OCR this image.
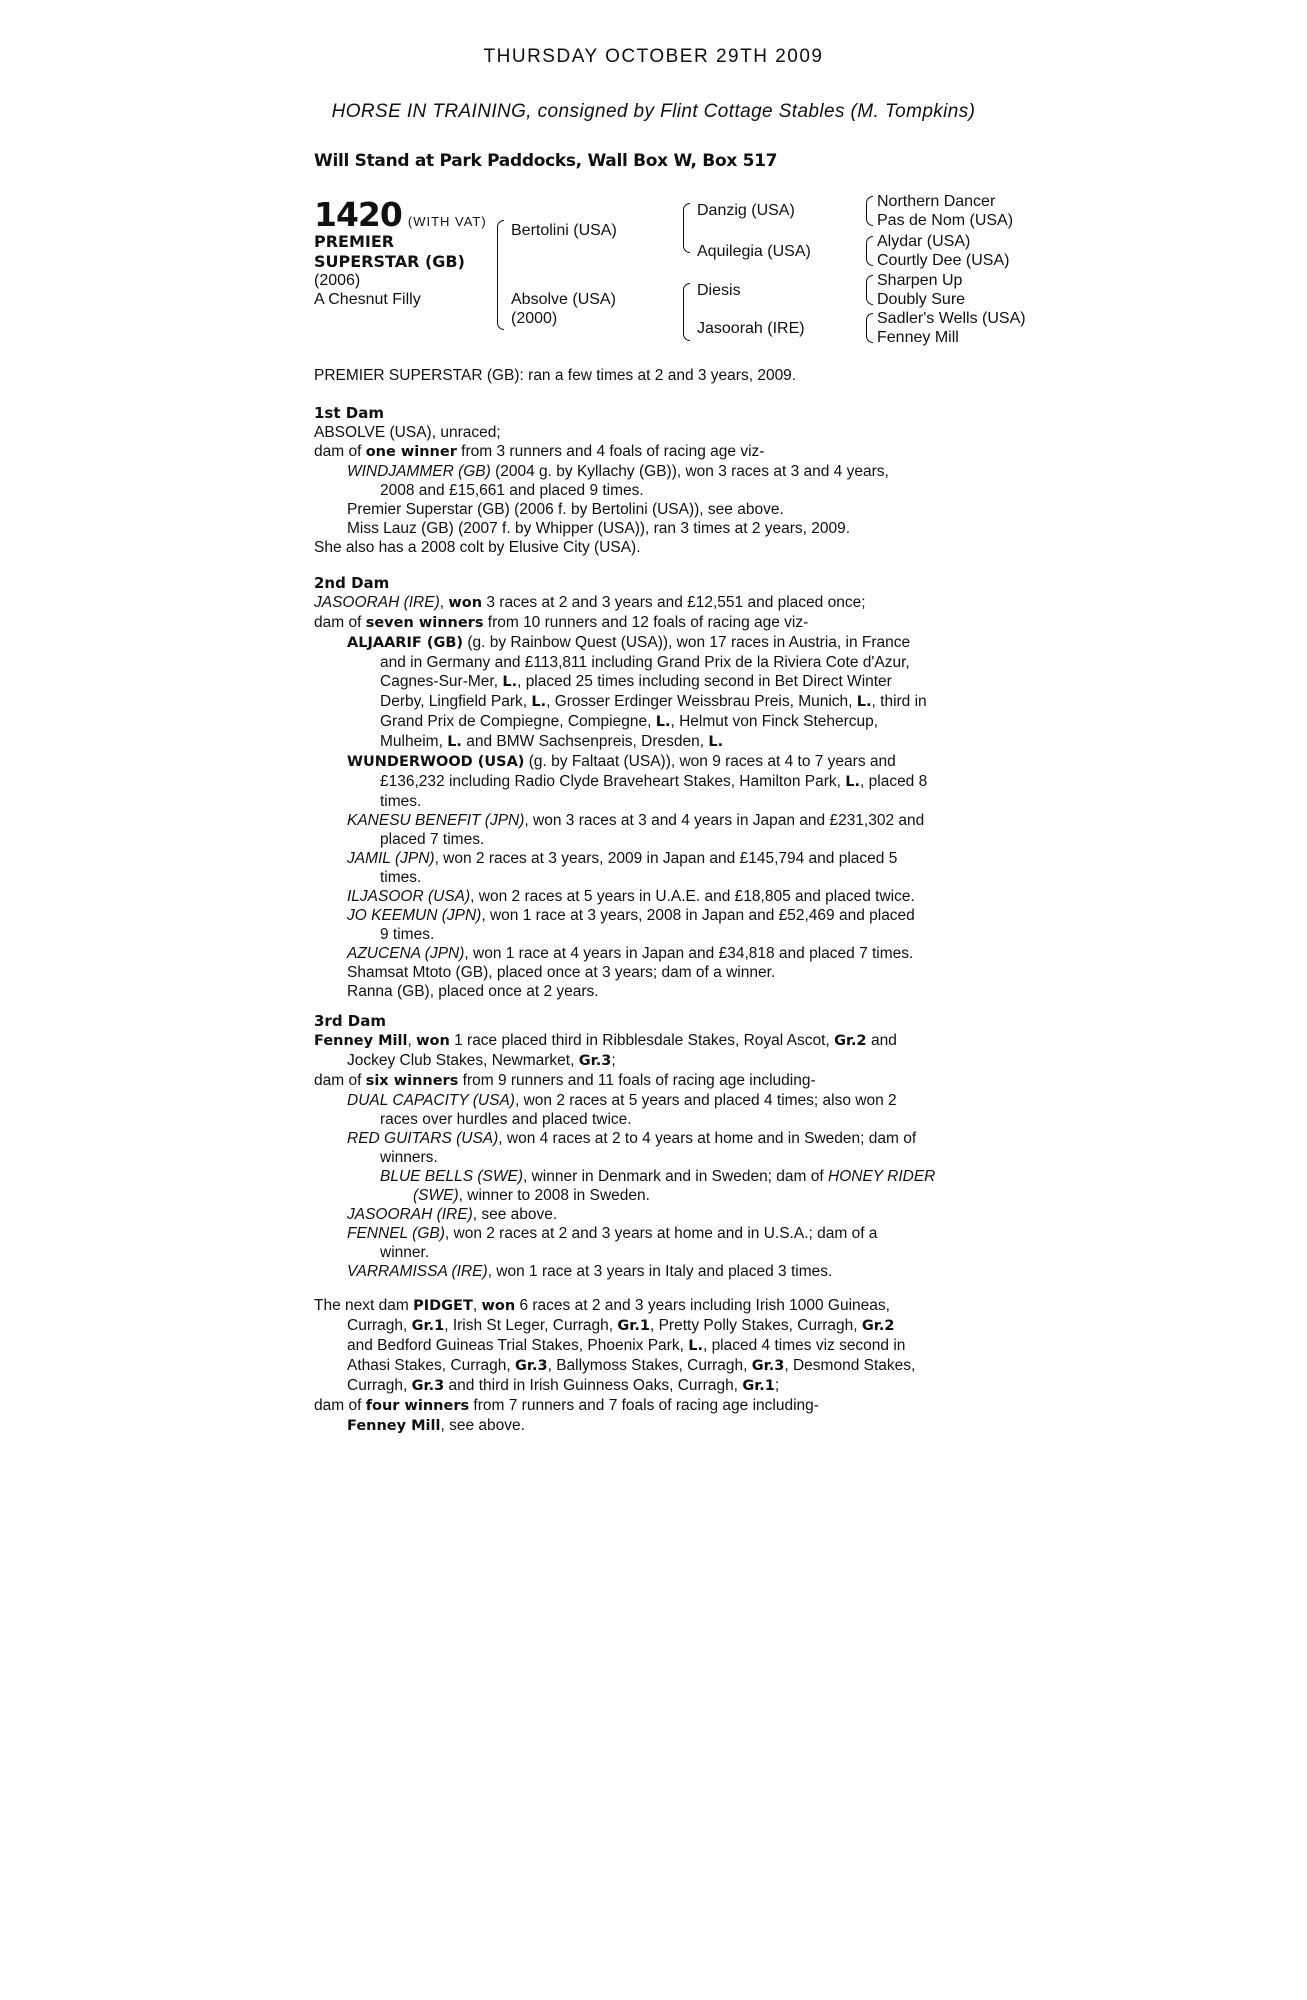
THURSDAY OCTOBER 29TH 2009
HORSE IN TRAINING, consigned by Flint Cottage Stables (M. Tompkins)
Will Stand at Park Paddocks, Wall Box W, Box 517
1420 (WITH VAT)
PREMIER
SUPERSTAR (GB)
(2006)
A Chesnut Filly
Bertolini (USA)
Absolve (USA)
(2000)
Danzig (USA)
Aquilegia (USA)
Diesis
Jasoorah (IRE)
Northern Dancer
Pas de Nom (USA)
Alydar (USA)
Courtly Dee (USA)
Sharpen Up
Doubly Sure
Sadler's Wells (USA)
Fenney Mill
PREMIER SUPERSTAR (GB): ran a few times at 2 and 3 years, 2009.
1st Dam
ABSOLVE (USA), unraced;
dam of one winner from 3 runners and 4 foals of racing age viz-
WINDJAMMER (GB) (2004 g. by Kyllachy (GB)), won 3 races at 3 and 4 years,
2008 and £15,661 and placed 9 times.
Premier Superstar (GB) (2006 f. by Bertolini (USA)), see above.
Miss Lauz (GB) (2007 f. by Whipper (USA)), ran 3 times at 2 years, 2009.
She also has a 2008 colt by Elusive City (USA).
2nd Dam
JASOORAH (IRE), won 3 races at 2 and 3 years and £12,551 and placed once;
dam of seven winners from 10 runners and 12 foals of racing age viz-
ALJAARIF (GB) (g. by Rainbow Quest (USA)), won 17 races in Austria, in France
and in Germany and £113,811 including Grand Prix de la Riviera Cote d'Azur,
Cagnes-Sur-Mer, L., placed 25 times including second in Bet Direct Winter
Derby, Lingfield Park, L., Grosser Erdinger Weissbrau Preis, Munich, L., third in
Grand Prix de Compiegne, Compiegne, L., Helmut von Finck Stehercup,
Mulheim, L. and BMW Sachsenpreis, Dresden, L.
WUNDERWOOD (USA) (g. by Faltaat (USA)), won 9 races at 4 to 7 years and
£136,232 including Radio Clyde Braveheart Stakes, Hamilton Park, L., placed 8
times.
KANESU BENEFIT (JPN), won 3 races at 3 and 4 years in Japan and £231,302 and
placed 7 times.
JAMIL (JPN), won 2 races at 3 years, 2009 in Japan and £145,794 and placed 5
times.
ILJASOOR (USA), won 2 races at 5 years in U.A.E. and £18,805 and placed twice.
JO KEEMUN (JPN), won 1 race at 3 years, 2008 in Japan and £52,469 and placed
9 times.
AZUCENA (JPN), won 1 race at 4 years in Japan and £34,818 and placed 7 times.
Shamsat Mtoto (GB), placed once at 3 years; dam of a winner.
Ranna (GB), placed once at 2 years.
3rd Dam
Fenney Mill, won 1 race placed third in Ribblesdale Stakes, Royal Ascot, Gr.2 and
Jockey Club Stakes, Newmarket, Gr.3;
dam of six winners from 9 runners and 11 foals of racing age including-
DUAL CAPACITY (USA), won 2 races at 5 years and placed 4 times; also won 2
races over hurdles and placed twice.
RED GUITARS (USA), won 4 races at 2 to 4 years at home and in Sweden; dam of
winners.
BLUE BELLS (SWE), winner in Denmark and in Sweden; dam of HONEY RIDER
(SWE), winner to 2008 in Sweden.
JASOORAH (IRE), see above.
FENNEL (GB), won 2 races at 2 and 3 years at home and in U.S.A.; dam of a
winner.
VARRAMISSA (IRE), won 1 race at 3 years in Italy and placed 3 times.
The next dam PIDGET, won 6 races at 2 and 3 years including Irish 1000 Guineas,
Curragh, Gr.1, Irish St Leger, Curragh, Gr.1, Pretty Polly Stakes, Curragh, Gr.2
and Bedford Guineas Trial Stakes, Phoenix Park, L., placed 4 times viz second in
Athasi Stakes, Curragh, Gr.3, Ballymoss Stakes, Curragh, Gr.3, Desmond Stakes,
Curragh, Gr.3 and third in Irish Guinness Oaks, Curragh, Gr.1;
dam of four winners from 7 runners and 7 foals of racing age including-
Fenney Mill, see above.
